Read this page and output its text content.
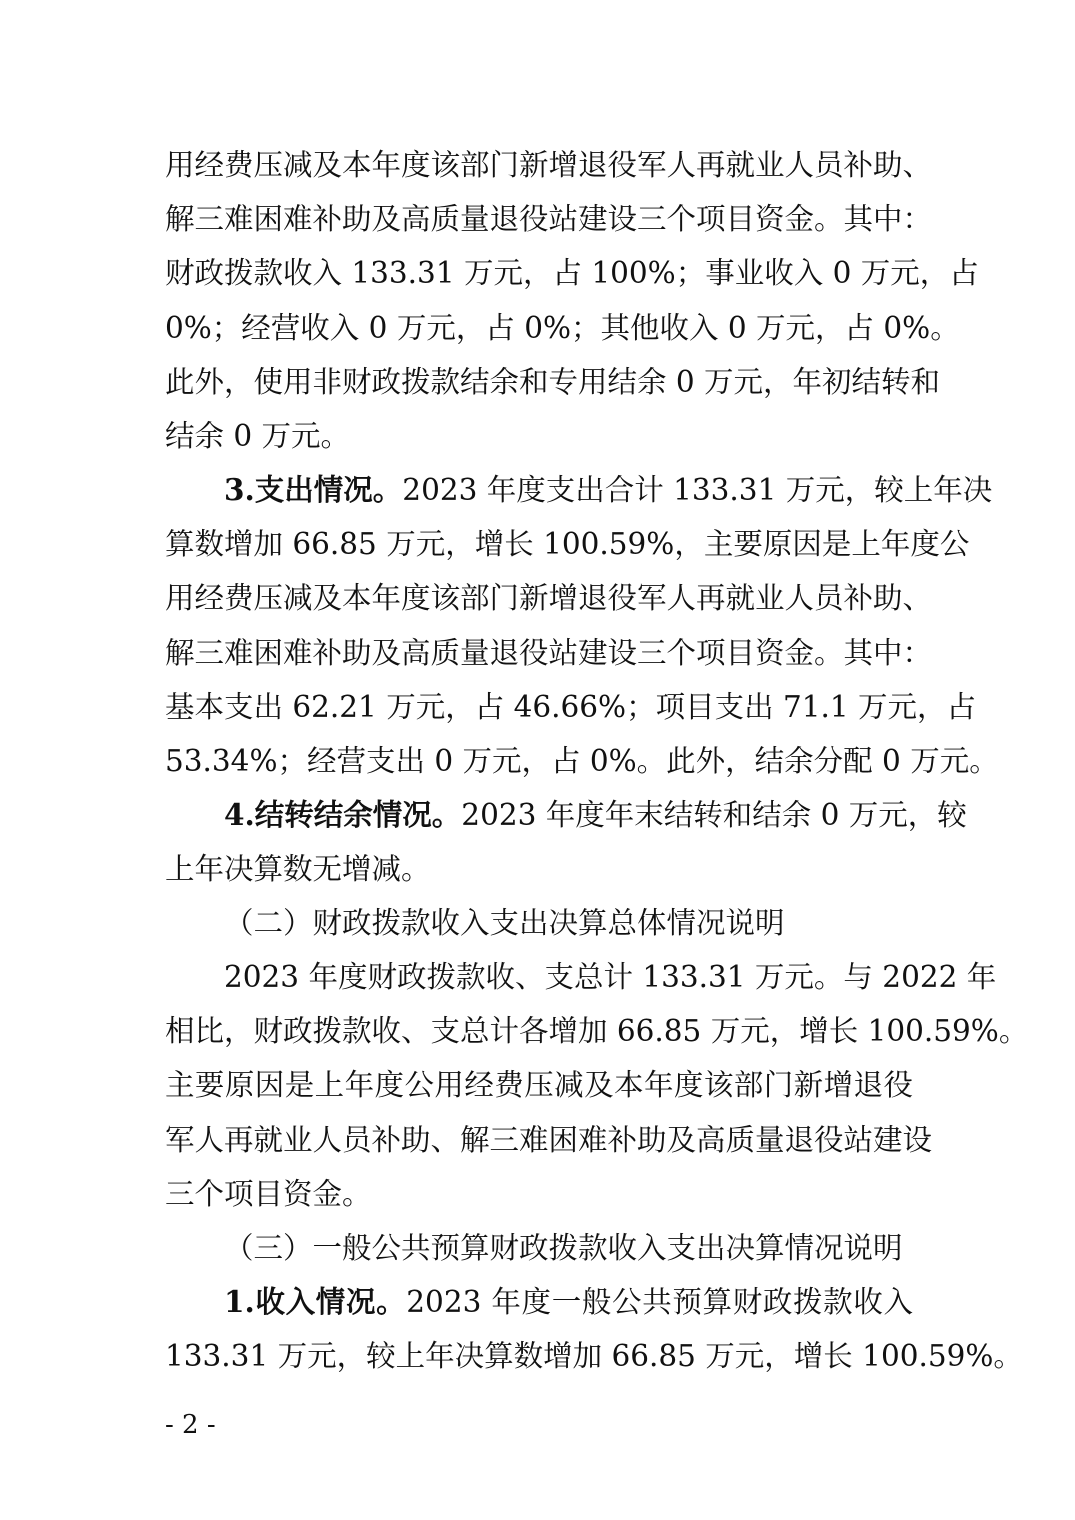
用经费压减及本年度该部门新增退役军人再就业人员补助、
解三难困难补助及高质量退役站建设三个项目资金。其中：
财政拨款收入 133.31 万元，占 100%；事业收入 0 万元，占
0%；经营收入 0 万元，占 0%；其他收入 0 万元，占 0%。
此外，使用非财政拨款结余和专用结余 0 万元，年初结转和
结余 0 万元。
3.支出情况。2023 年度支出合计 133.31 万元，较上年决
算数增加 66.85 万元，增长 100.59%，主要原因是上年度公
用经费压减及本年度该部门新增退役军人再就业人员补助、
解三难困难补助及高质量退役站建设三个项目资金。其中：
基本支出 62.21 万元，占 46.66%；项目支出 71.1 万元，占
53.34%；经营支出 0 万元，占 0%。此外，结余分配 0 万元。
4.结转结余情况。2023 年度年末结转和结余 0 万元，较
上年决算数无增减。
（二）财政拨款收入支出决算总体情况说明
2023 年度财政拨款收、支总计 133.31 万元。与 2022 年
相比，财政拨款收、支总计各增加 66.85 万元，增长 100.59%。
主要原因是上年度公用经费压减及本年度该部门新增退役
军人再就业人员补助、解三难困难补助及高质量退役站建设
三个项目资金。
（三）一般公共预算财政拨款收入支出决算情况说明
1.收入情况。2023 年度一般公共预算财政拨款收入
133.31 万元，较上年决算数增加 66.85 万元，增长 100.59%。
- 2 -
